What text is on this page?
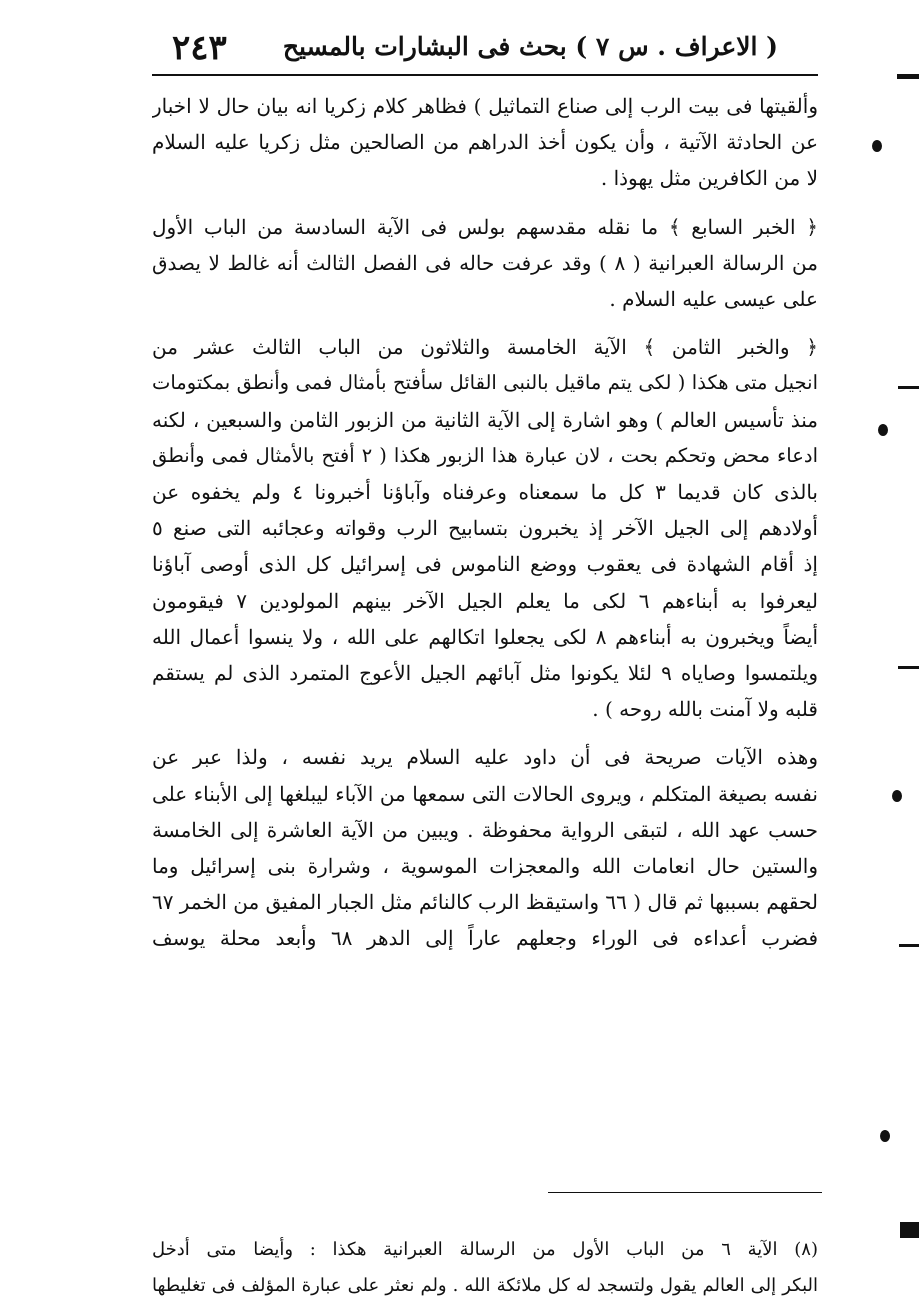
( الاعراف . س ٧ ) بحث فى البشارات بالمسيح
٢٤٣

وألقيتها فى بيت الرب إلى صناع التماثيل ) فظاهر كلام زكريا انه بيان حال لا اخبار
عن الحادثة الآتية ، وأن يكون أخذ الدراهم من الصالحين مثل زكريا عليه السلام
لا من الكافرين مثل يهوذا .

﴿ الخبر السابع ﴾ ما نقله مقدسهم بولس فى الآية السادسة من الباب الأول
من الرسالة العبرانية ( ٨ ) وقد عرفت حاله فى الفصل الثالث أنه غالط لا يصدق
على عيسى عليه السلام .

﴿ والخبر الثامن ﴾ الآية الخامسة والثلاثون من الباب الثالث عشر من
انجيل متى هكذا ( لكى يتم ماقيل بالنبى القائل سأفتح بأمثال فمى وأنطق بمكتومات
منذ تأسيس العالم ) وهو اشارة إلى الآية الثانية من الزبور الثامن والسبعين ، لكنه
ادعاء محض وتحكم بحت ، لان عبارة هذا الزبور هكذا ( ٢ أفتح بالأمثال فمى وأنطق
بالذى كان قديما ٣ كل ما سمعناه وعرفناه وآباؤنا أخبرونا ٤ ولم يخفوه عن
أولادهم إلى الجيل الآخر إذ يخبرون بتسابيح الرب وقواته وعجائبه التى صنع ٥
إذ أقام الشهادة فى يعقوب ووضع الناموس فى إسرائيل كل الذى أوصى آباؤنا
ليعرفوا به أبناءهم ٦ لكى ما يعلم الجيل الآخر بينهم المولودين ٧ فيقومون
أيضاً ويخبرون به أبناءهم ٨ لكى يجعلوا اتكالهم على الله ، ولا ينسوا أعمال الله
ويلتمسوا وصاياه ٩ لئلا يكونوا مثل آبائهم الجيل الأعوج المتمرد الذى لم يستقم
قلبه ولا آمنت بالله روحه ) .

وهذه الآيات صريحة فى أن داود عليه السلام يريد نفسه ، ولذا عبر عن
نفسه بصيغة المتكلم ، ويروى الحالات التى سمعها من الآباء ليبلغها إلى الأبناء على
حسب عهد الله ، لتبقى الرواية محفوظة . ويبين من الآية العاشرة إلى الخامسة
والستين حال انعامات الله والمعجزات الموسوية ، وشرارة بنى إسرائيل وما
لحقهم بسببها ثم قال ( ٦٦ واستيقظ الرب كالنائم مثل الجبار المفيق من الخمر ٦٧
فضرب أعداءه فى الوراء وجعلهم عاراً إلى الدهر ٦٨ وأبعد محلة يوسف

(٨) الآية ٦ من الباب الأول من الرسالة العبرانية هكذا : وأيضا متى أدخل
البكر إلى العالم يقول ولتسجد له كل ملائكة الله . ولم نعثر على عبارة المؤلف فى تغليطها
